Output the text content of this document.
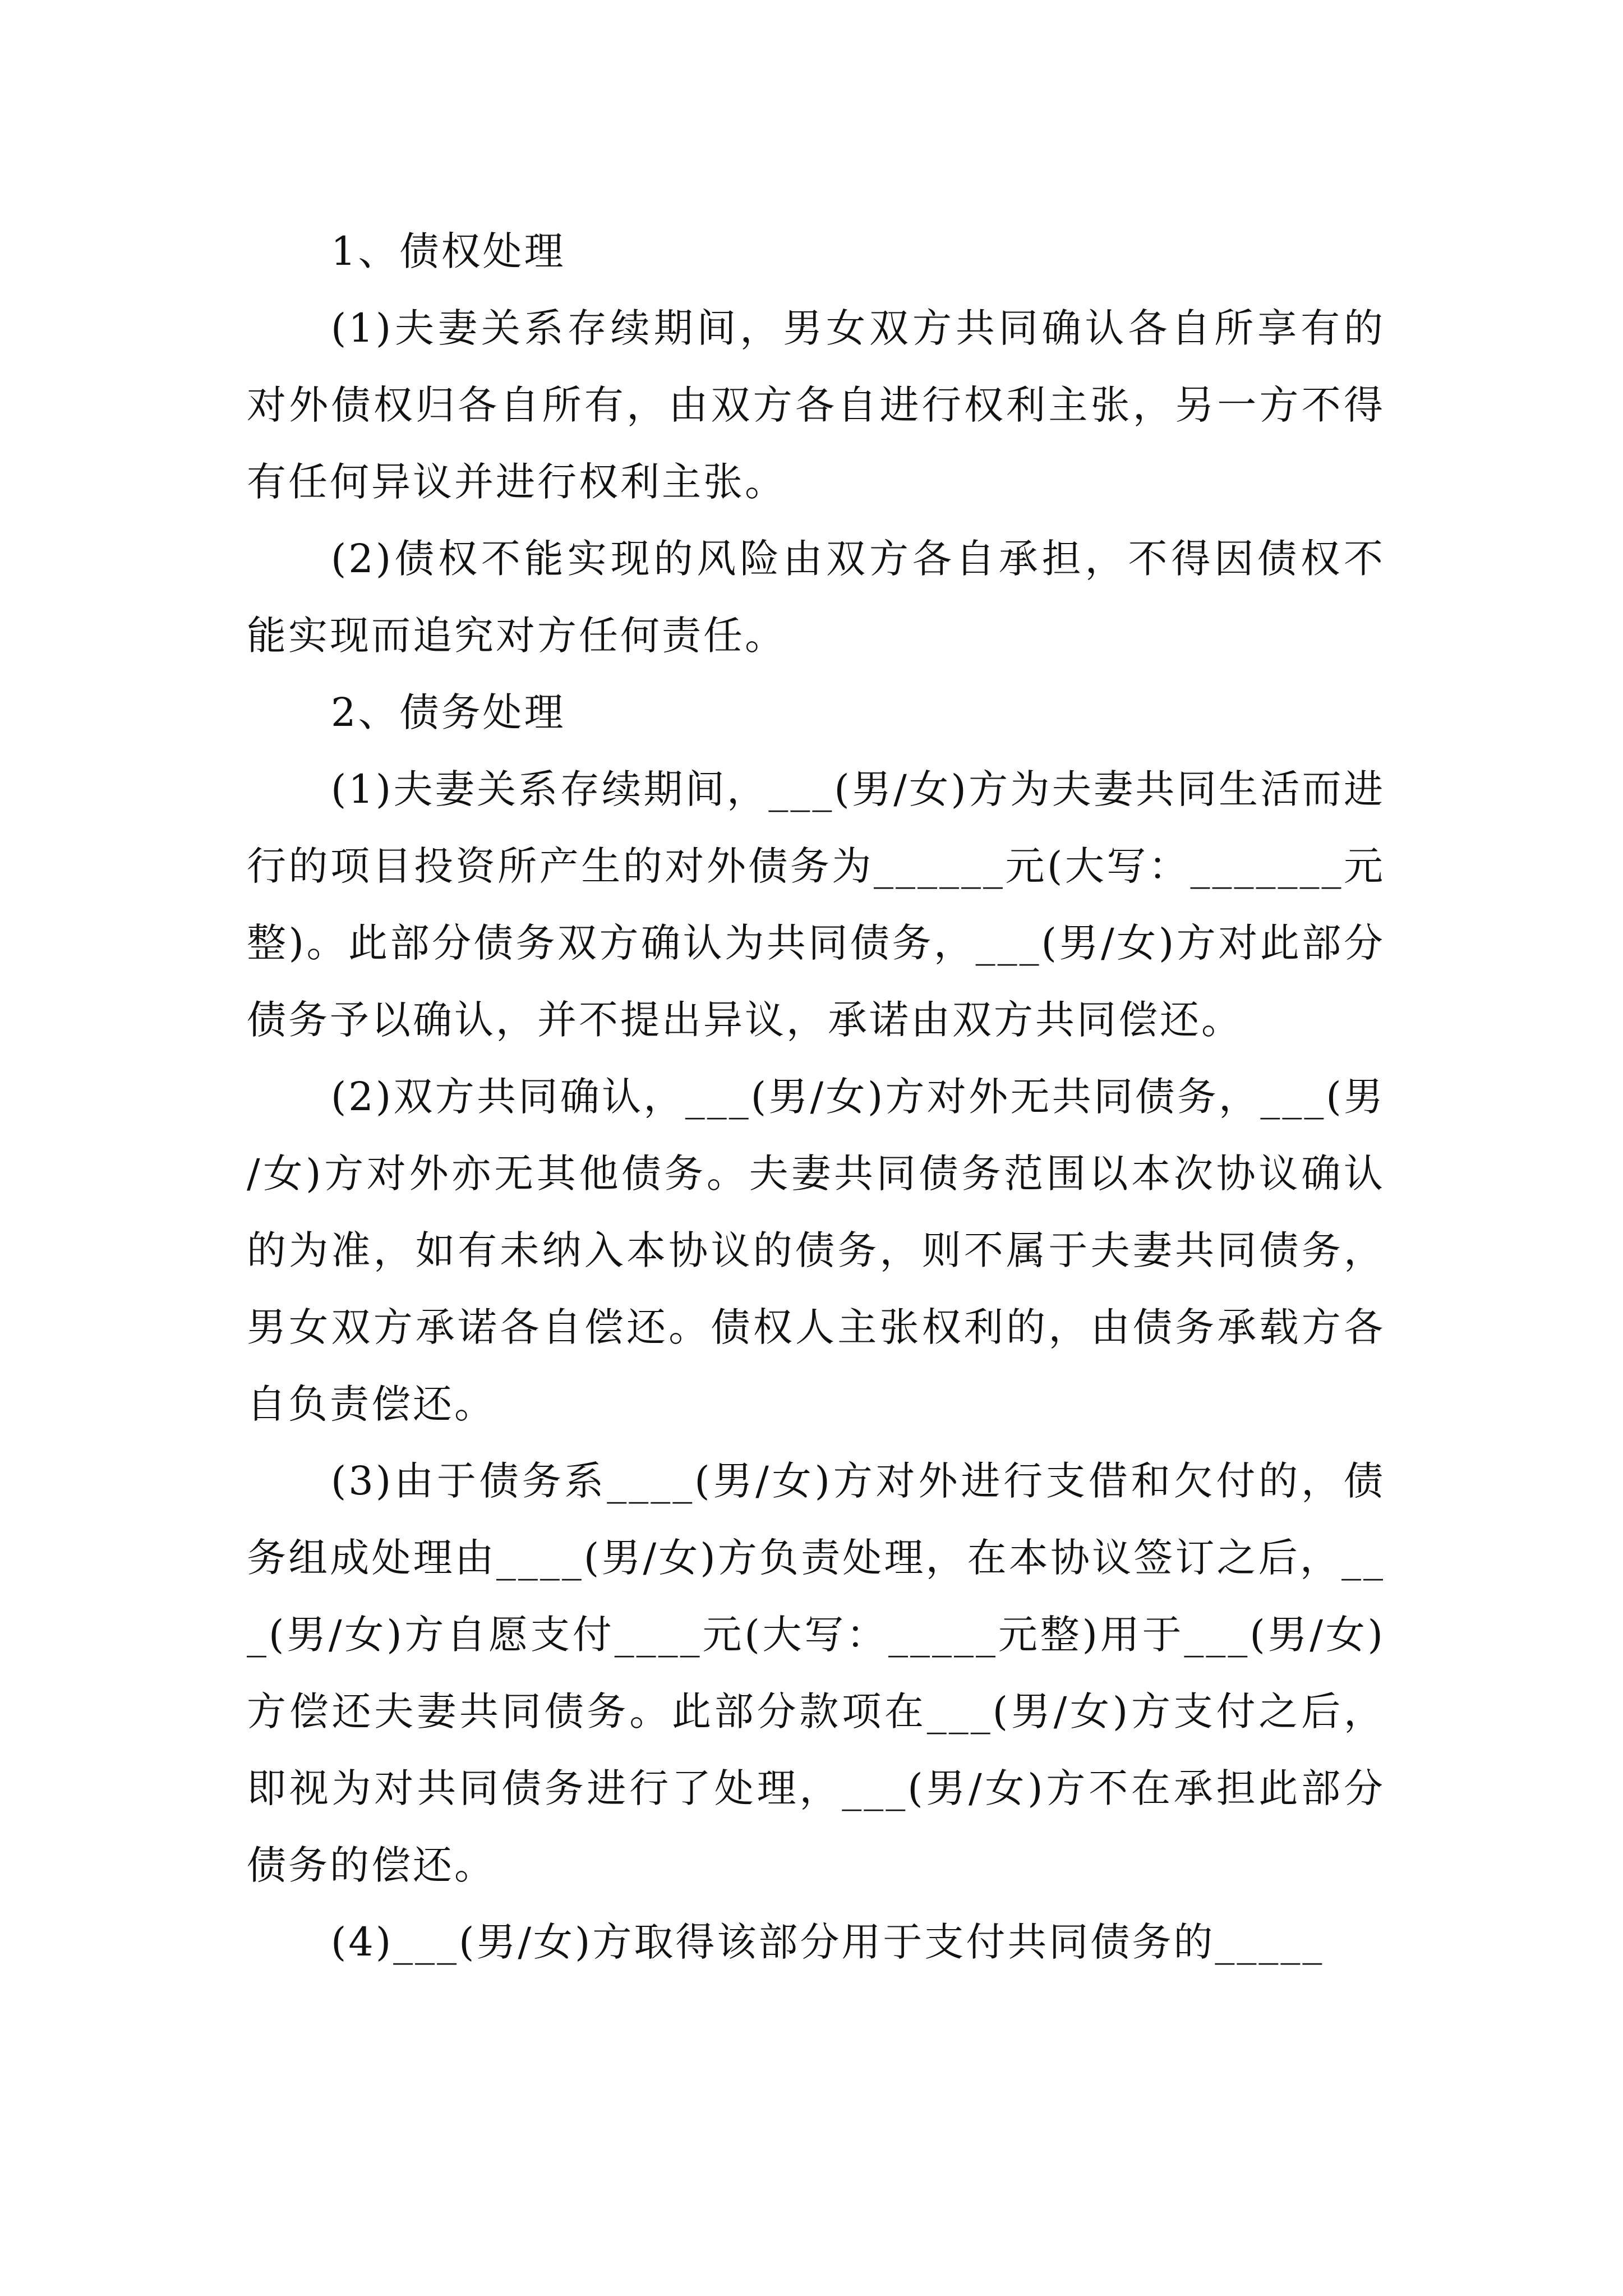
1、债权处理

(1)夫妻关系存续期间，男女双方共同确认各自所享有的对外债权归各自所有，由双方各自进行权利主张，另一方不得有任何异议并进行权利主张。

(2)债权不能实现的风险由双方各自承担，不得因债权不能实现而追究对方任何责任。

2、债务处理

(1)夫妻关系存续期间，___(男/女)方为夫妻共同生活而进行的项目投资所产生的对外债务为______元(大写：_______元整)。此部分债务双方确认为共同债务，___(男/女)方对此部分债务予以确认，并不提出异议，承诺由双方共同偿还。

(2)双方共同确认，___(男/女)方对外无共同债务，___(男/女)方对外亦无其他债务。夫妻共同债务范围以本次协议确认的为准，如有未纳入本协议的债务，则不属于夫妻共同债务，男女双方承诺各自偿还。债权人主张权利的，由债务承载方各自负责偿还。

(3)由于债务系____(男/女)方对外进行支借和欠付的，债务组成处理由____(男/女)方负责处理，在本协议签订之后，___(男/女)方自愿支付____元(大写：_____元整)用于___(男/女)方偿还夫妻共同债务。此部分款项在___(男/女)方支付之后，即视为对共同债务进行了处理，___(男/女)方不在承担此部分债务的偿还。

(4)___(男/女)方取得该部分用于支付共同债务的_____
